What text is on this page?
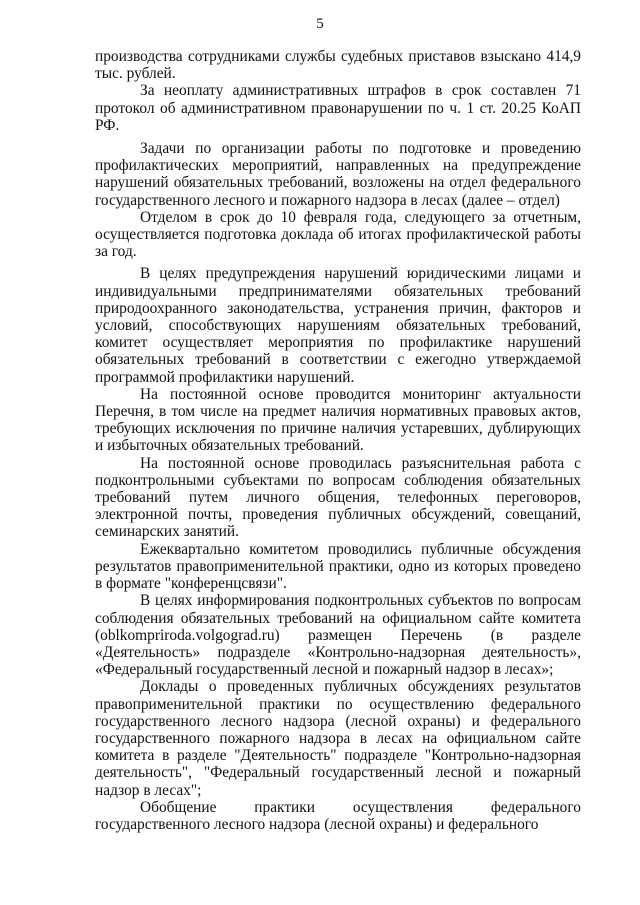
5

производства сотрудниками службы судебных приставов взыскано 414,9 тыс. рублей.

За неоплату административных штрафов в срок составлен 71 протокол об административном правонарушении по ч. 1 ст. 20.25 КоАП РФ.

Задачи по организации работы по подготовке и проведению профилактических мероприятий, направленных на предупреждение нарушений обязательных требований, возложены на отдел федерального государственного лесного и пожарного надзора в лесах (далее – отдел)

Отделом в срок до 10 февраля года, следующего за отчетным, осуществляется подготовка доклада об итогах профилактической работы за год.

В целях предупреждения нарушений юридическими лицами и индивидуальными предпринимателями обязательных требований природоохранного законодательства, устранения причин, факторов и условий, способствующих нарушениям обязательных требований, комитет осуществляет мероприятия по профилактике нарушений обязательных требований в соответствии с ежегодно утверждаемой программой профилактики нарушений.

На постоянной основе проводится мониторинг актуальности Перечня, в том числе на предмет наличия нормативных правовых актов, требующих исключения по причине наличия устаревших, дублирующих и избыточных обязательных требований.

На постоянной основе проводилась разъяснительная работа с подконтрольными субъектами по вопросам соблюдения обязательных требований путем личного общения, телефонных переговоров, электронной почты, проведения публичных обсуждений, совещаний, семинарских занятий.

Ежеквартально комитетом проводились публичные обсуждения результатов правоприменительной практики, одно из которых проведено в формате "конференцсвязи".

В целях информирования подконтрольных субъектов по вопросам соблюдения обязательных требований на официальном сайте комитета (oblkompriroda.volgograd.ru) размещен Перечень (в разделе «Деятельность» подразделе «Контрольно-надзорная деятельность», «Федеральный государственный лесной и пожарный надзор в лесах»;

Доклады о проведенных публичных обсуждениях результатов правоприменительной практики по осуществлению федерального государственного лесного надзора (лесной охраны) и федерального государственного пожарного надзора в лесах на официальном сайте комитета в разделе "Деятельность" подразделе "Контрольно-надзорная деятельность", "Федеральный государственный лесной и пожарный надзор в лесах";

Обобщение практики осуществления федерального государственного лесного надзора (лесной охраны) и федерального
